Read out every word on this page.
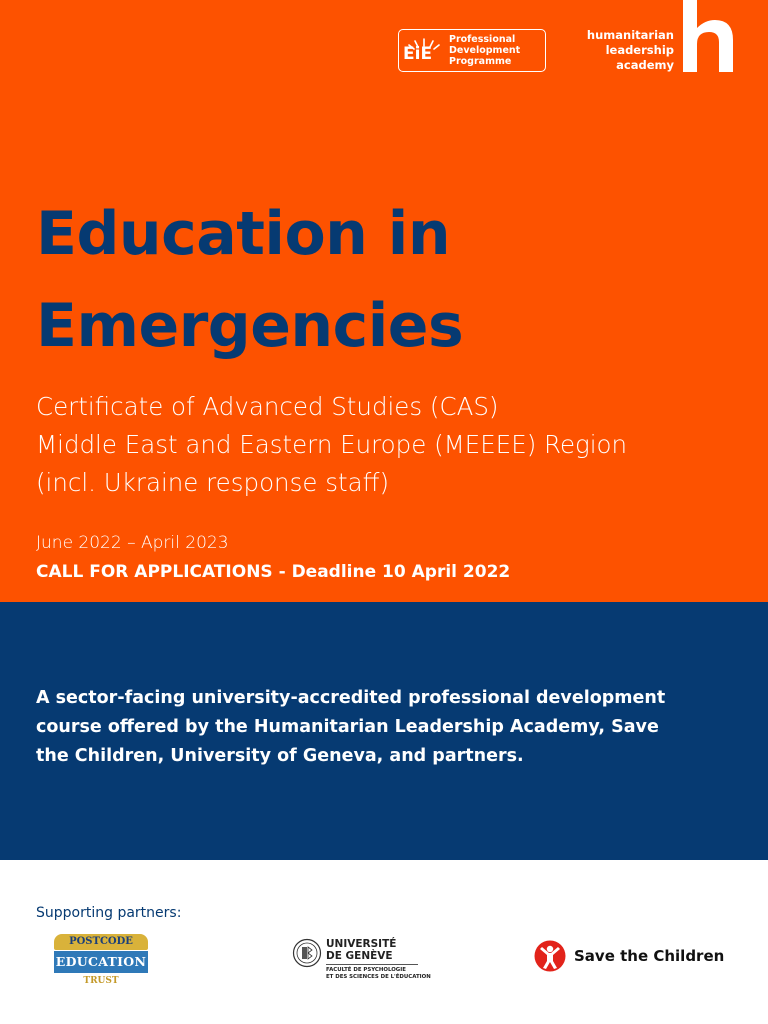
EiE
Professional
Development
Programme
humanitarian
leadership
academy
Education in
Emergencies
Certificate of Advanced Studies (CAS)
Middle East and Eastern Europe (MEEEE) Region
(incl. Ukraine response staff)
June 2022 – April 2023
CALL FOR APPLICATIONS - Deadline 10 April 2022
A sector-facing university-accredited professional development
course offered by the Humanitarian Leadership Academy, Save
the Children, University of Geneva, and partners.
Supporting partners:
POSTCODE
EDUCATION
TRUST
UNIVERSITÉ
DE GENÈVE
FACULTÉ DE PSYCHOLOGIE
ET DES SCIENCES DE L'ÉDUCATION
Save the Children
